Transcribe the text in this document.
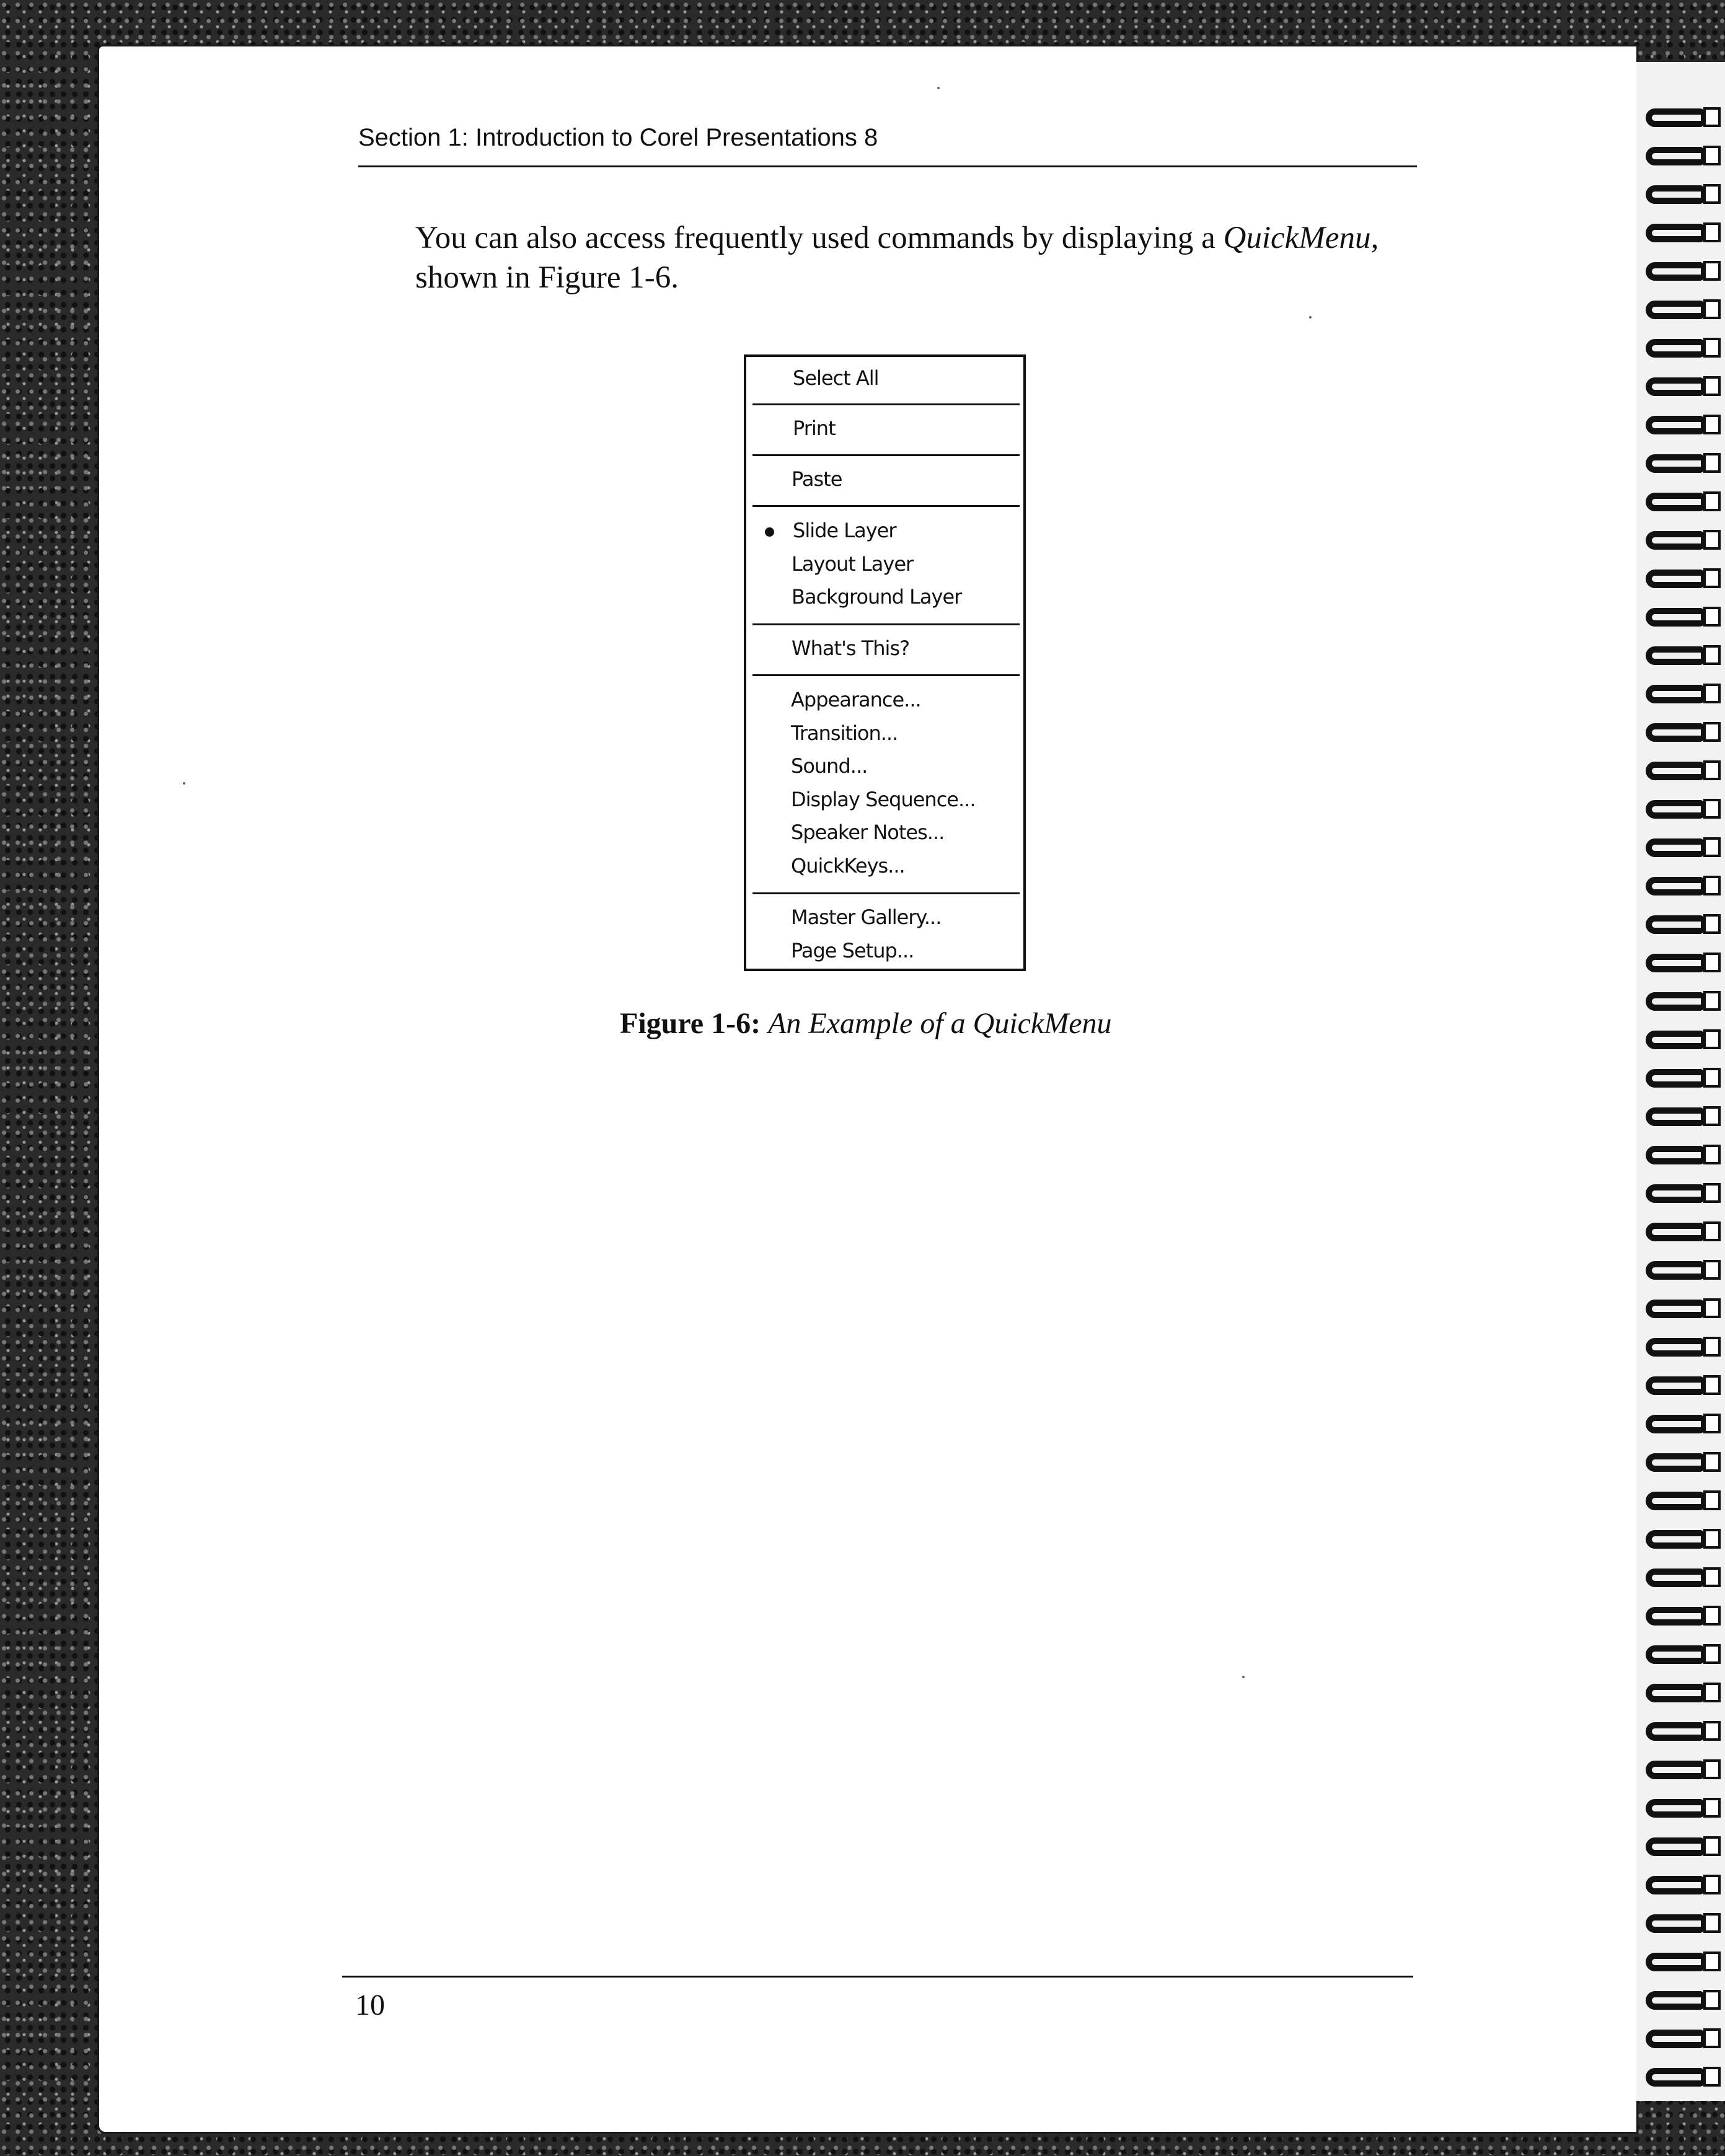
Section 1: Introduction to Corel Presentations 8
You can also access frequently used commands by displaying a QuickMenu,
shown in Figure 1-6.
Select All
Print
Paste
Slide Layer
Layout Layer
Background Layer
What's This?
Appearance...
Transition...
Sound...
Display Sequence...
Speaker Notes...
QuickKeys...
Master Gallery...
Page Setup...
Figure 1-6: An Example of a QuickMenu
10
